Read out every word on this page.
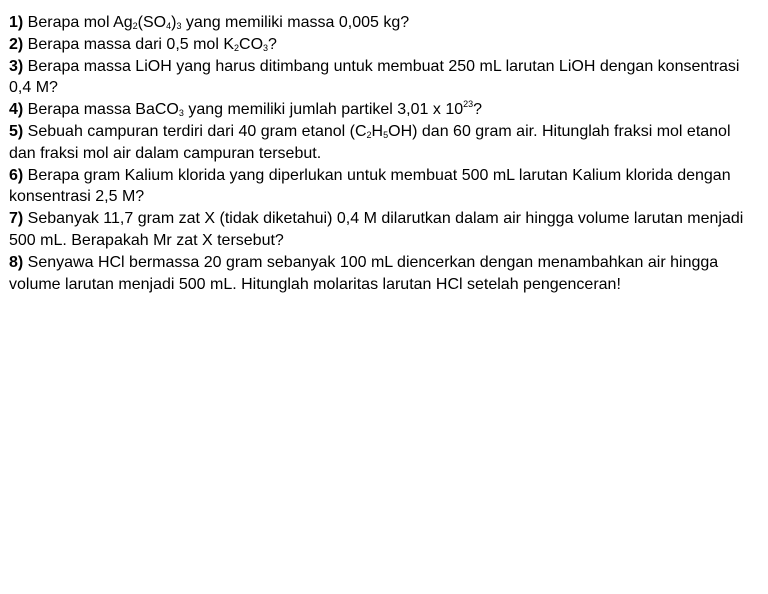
1) Berapa mol $Ag_2(SO_4)_3$ yang memiliki massa 0,005 kg?

2) Berapa massa dari 0,5 mol $K_2CO_3$?

3) Berapa massa LiOH yang harus ditimbang untuk membuat 250 mL larutan LiOH dengan konsentrasi 0,4 M?

4) Berapa massa BaCO$_3$ yang memiliki jumlah partikel 3,01 x $10^{23}$?

5) Sebuah campuran terdiri dari 40 gram etanol $(C_2H_5OH)$ dan 60 gram air. Hitunglah fraksi mol etanol dan fraksi mol air dalam campuran tersebut.

6) Berapa gram Kalium klorida yang diperlukan untuk membuat 500 mL larutan Kalium klorida dengan konsentrasi 2,5 M?

7) Sebanyak 11,7 gram zat X (tidak diketahui) 0,4 M dilarutkan dalam air hingga volume larutan menjadi 500 mL. Berapakah Mr zat X tersebut?

8) Senyawa HCl bermassa 20 gram sebanyak 100 mL diencerkan dengan menambahkan air hingga volume larutan menjadi 500 mL. Hitunglah molaritas larutan HCl setelah pengenceran!
